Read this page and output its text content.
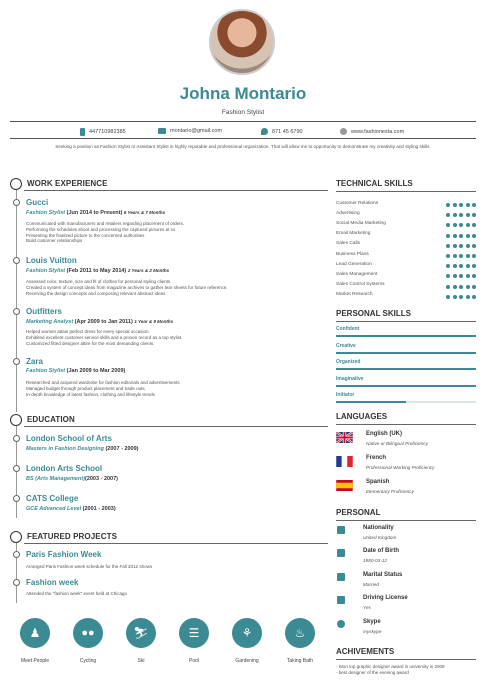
Johna Montario
Fashion Stylist
447710982385	montario@gmail.com	871 45 6790	www.fashionesta.com
Seeking a position as Fashion Stylist or Assistant Stylist in highly reputable and professional organization. That will allow me to opportunity to demonstrate my creativity and styling skills.
WORK EXPERIENCE
Gucci
Fashion Stylist (Jun 2014 to Present) 6 Years & 7 Months
Communicated with manufacturers and retailers regarding placement of orders.
Performing the schedules shoot and processing the captured pictures at so
Presenting the finalized picture to the concerned authorities
Build customer relationships
Louis Vuitton
Fashion Stylist (Feb 2011 to May 2014) 2 Years & 2 Months
Assessed color, texture, size and fit of clothes for personal styling clients
Created a system of concept ideas from magazine archives to gather tear sheets for future reference.
Receiving the design concepts and composing relevant abstract ideas
Outfitters
Marketing Analyst (Apr 2009 to Jan 2011) 1 Year & 9 Months
Helped women attain perfect dress for every special occasion.
Exhibited excellent customer service skills and a proven record as a top stylist.
Customized fitted designer attire for the most demanding clients.
Zara
Fashion Stylist (Jan 2009 to Mar 2009)
Researched and acquired wardrobe for fashion editorials and advertisements
Managed budget through product placement and trade outs.
In-depth knowledge of latest fashion, clothing and lifestyle trends
EDUCATION
London School of Arts
Masters in Fashion Designing (2007 - 2009)
London Arts School
BS (Arts Management)(2003 - 2007)
CATS College
GCE Advanced Level (2001 - 2003)
FEATURED PROJECTS
Paris Fashion Week
Arranged Paris Fashion week schedule for the Fall 2012 shows
Fashion week
Attended the "fashion week" event held at Chicago
♟	●●	⛷	☰	⚘	♨
Meet People	Cycling	Ski	Pool	Gardening	Taking Bath
TECHNICAL SKILLS
Customer Relations
Advertising
Social Media Marketing
Email Marketing
Sales Calls
Business Plans
Lead Generation
Sales Management
Sales Control Systems
Market Research
PERSONAL SKILLS
Confident
Creative
Organized
Imaginative
Initiator
LANGUAGES
English (UK)
Native or Bilingual Proficiency
French
Professional Working Proficiency
Spanish
Elementary Proficiency
PERSONAL
Nationality
United Kingdom
Date of Birth
1980-03-12
Marital Status
Married
Driving License
Yes
Skype
myskype
ACHIVEMENTS
- Won top graphic designer award in university in 2009
- best designer of the evening award
